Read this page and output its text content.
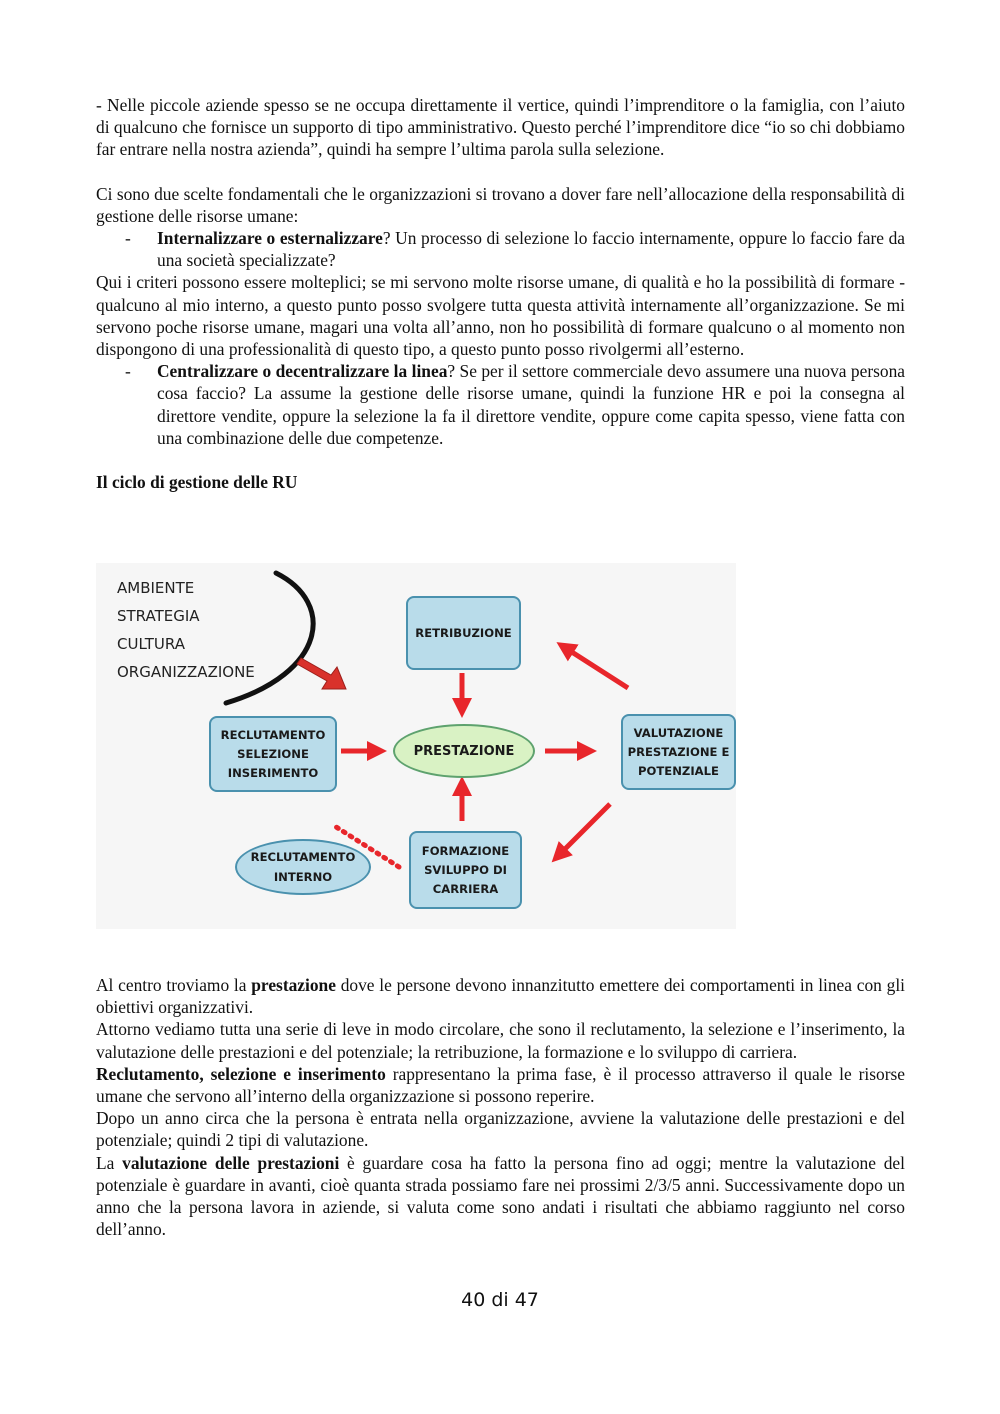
- Nelle piccole aziende spesso se ne occupa direttamente il vertice, quindi l’imprenditore o la famiglia, con l’aiuto di qualcuno che fornisce un supporto di tipo amministrativo. Questo perché l’imprenditore dice “io so chi dobbiamo far entrare nella nostra azienda”, quindi ha sempre l’ultima parola sulla selezione.

Ci sono due scelte fondamentali che le organizzazioni si trovano a dover fare nell’allocazione della responsabilità di gestione delle risorse umane:

- Internalizzare o esternalizzare? Un processo di selezione lo faccio internamente, oppure lo faccio fare da una società specializzate?

Qui i criteri possono essere molteplici; se mi servono molte risorse umane, di qualità e ho la possibilità di formare - qualcuno al mio interno, a questo punto posso svolgere tutta questa attività internamente all’organizzazione. Se mi servono poche risorse umane, magari una volta all’anno, non ho possibilità di formare qualcuno o al momento non dispongono di una professionalità di questo tipo, a questo punto posso rivolgermi all’esterno.

- Centralizzare o decentralizzare la linea? Se per il settore commerciale devo assumere una nuova persona cosa faccio? La assume la gestione delle risorse umane, quindi la funzione HR e poi la consegna al direttore vendite, oppure la selezione la fa il direttore vendite, oppure come capita spesso, viene fatta con una combinazione delle due competenze.

Il ciclo di gestione delle RU

AMBIENTE
STRATEGIA
CULTURA
ORGANIZZAZIONE
RETRIBUZIONE
RECLUTAMENTO
SELEZIONE
INSERIMENTO
PRESTAZIONE
VALUTAZIONE
PRESTAZIONE E
POTENZIALE
RECLUTAMENTO
INTERNO
FORMAZIONE
SVILUPPO DI
CARRIERA

Al centro troviamo la prestazione dove le persone devono innanzitutto emettere dei comportamenti in linea con gli obiettivi organizzativi.

Attorno vediamo tutta una serie di leve in modo circolare, che sono il reclutamento, la selezione e l’inserimento, la valutazione delle prestazioni e del potenziale; la retribuzione, la formazione e lo sviluppo di carriera.

Reclutamento, selezione e inserimento rappresentano la prima fase, è il processo attraverso il quale le risorse umane che servono all’interno della organizzazione si possono reperire.

Dopo un anno circa che la persona è entrata nella organizzazione, avviene la valutazione delle prestazioni e del potenziale; quindi 2 tipi di valutazione.

La valutazione delle prestazioni è guardare cosa ha fatto la persona fino ad oggi; mentre la valutazione del potenziale è guardare in avanti, cioè quanta strada possiamo fare nei prossimi 2/3/5 anni. Successivamente dopo un anno che la persona lavora in aziende, si valuta come sono andati i risultati che abbiamo raggiunto nel corso dell’anno.

40 di 47
